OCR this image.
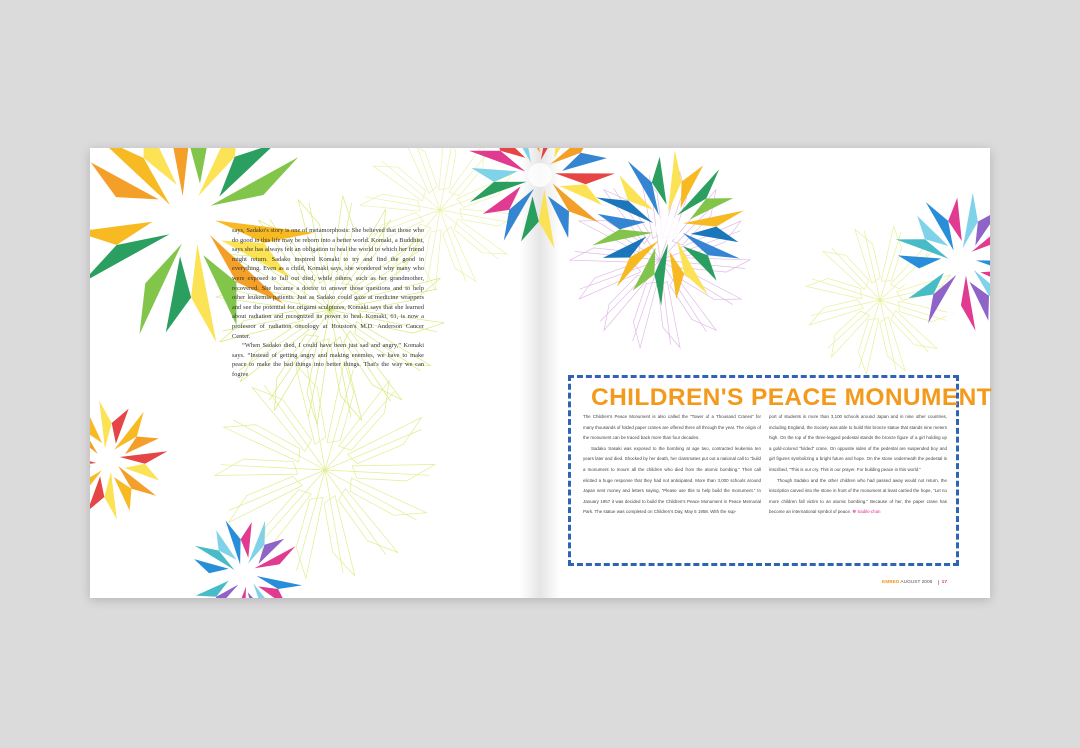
says, Sadako's story is one of metamorphosis: She believed that those who do good in this life may be reborn into a better world. Komaki, a Buddhist, says she has always felt an obligation to heal the world to which her friend might return. Sadako inspired Komaki to try and find the good in everything. Even as a child, Komaki says, she wondered why many who were exposed to fall out died, while others, such as her grandmother, recovered. She became a doctor to answer those questions and to help other leukemia patients. Just as Sadako could gaze at medicine wrappers and see the potential for origami sculptures, Komaki says that she learned about radiation and recognized its power to heal. Komaki, 61, is now a professor of radiation oncology at Houston's M.D. Anderson Cancer Center.

“When Sadako died, I could have been just sad and angry,” Komaki says. “Instead of getting angry and making enemies, we have to make peace to make the bad things into better things. That's the way we can fogive

CHILDREN'S PEACE MONUMENT

The Children's Peace Monument is also called the “Tower of a Thousand Cranes” for many thousands of folded paper cranes are offered there all through the year. The origin of the monument can be traced back more than four decades.

Sadako Sasaki was exposed to the bombing at age two, contracted leukemia ten years later and died. Shocked by her death, her classmates put out a national call to “build a monument to mourn all the children who died from the atomic bombing.” Their call elicited a huge response that they had not anticipated. More than 3,000 schools around Japan sent money and letters saying, “Please use this to help build the monument.” In January 1957 it was decided to build the Children's Peace Monument in Peace Memorial Park. The statue was completed on Children's Day, May 5 1958. With the sup-

port of students in more than 3,100 schools around Japan and in nine other countries, including England, the Society was able to build this bronze statue that stands nine meters high. On the top of the three-legged pedestal stands the bronze figure of a girl holding up a gold-colored “folded” crane. On opposite sides of the pedestal are suspended boy and girl figures symbolizing a bright future and hope. On the stone underneath the pedestal is inscribed, “This is our cry. This is our prayer. For building peace in this world.”

Though Sadako and the other children who had passed away would not return, the inscription carved into the stone in front of the monument at least carried the hope, “Let no more children fall victim to an atomic bombing.” Because of her, the paper crane has become an international symbol of peace. ❁ Sadiki-chan

EMBED AUGUST 2006 17
